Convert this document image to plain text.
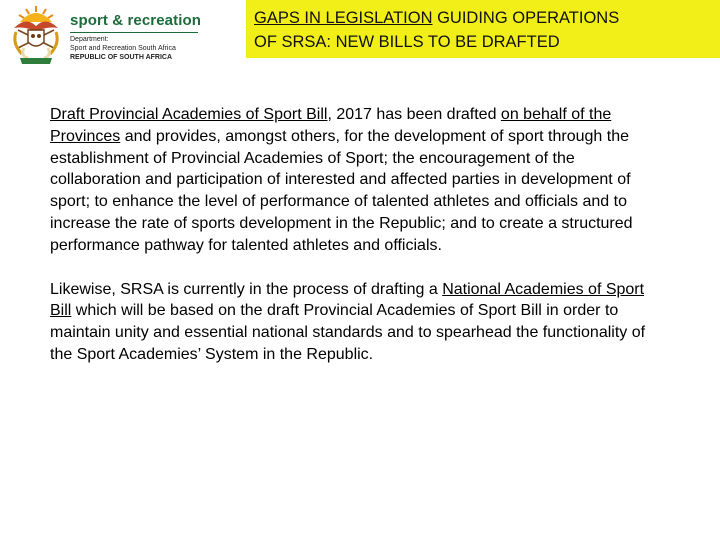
sport & recreation
Department:
Sport and Recreation South Africa
REPUBLIC OF SOUTH AFRICA
GAPS IN LEGISLATION GUIDING OPERATIONS
OF SRSA: NEW BILLS TO BE DRAFTED

Draft Provincial Academies of Sport Bill, 2017 has been drafted on behalf of the Provinces and provides, amongst others, for the development of sport through the establishment of Provincial Academies of Sport; the encouragement of the collaboration and participation of interested and affected parties in development of sport; to enhance the level of performance of talented athletes and officials and to increase the rate of sports development in the Republic; and to create a structured performance pathway for talented athletes and officials.

Likewise, SRSA is currently in the process of drafting a National Academies of Sport Bill which will be based on the draft Provincial Academies of Sport Bill in order to maintain unity and essential national standards and to spearhead the functionality of the Sport Academies’ System in the Republic.
